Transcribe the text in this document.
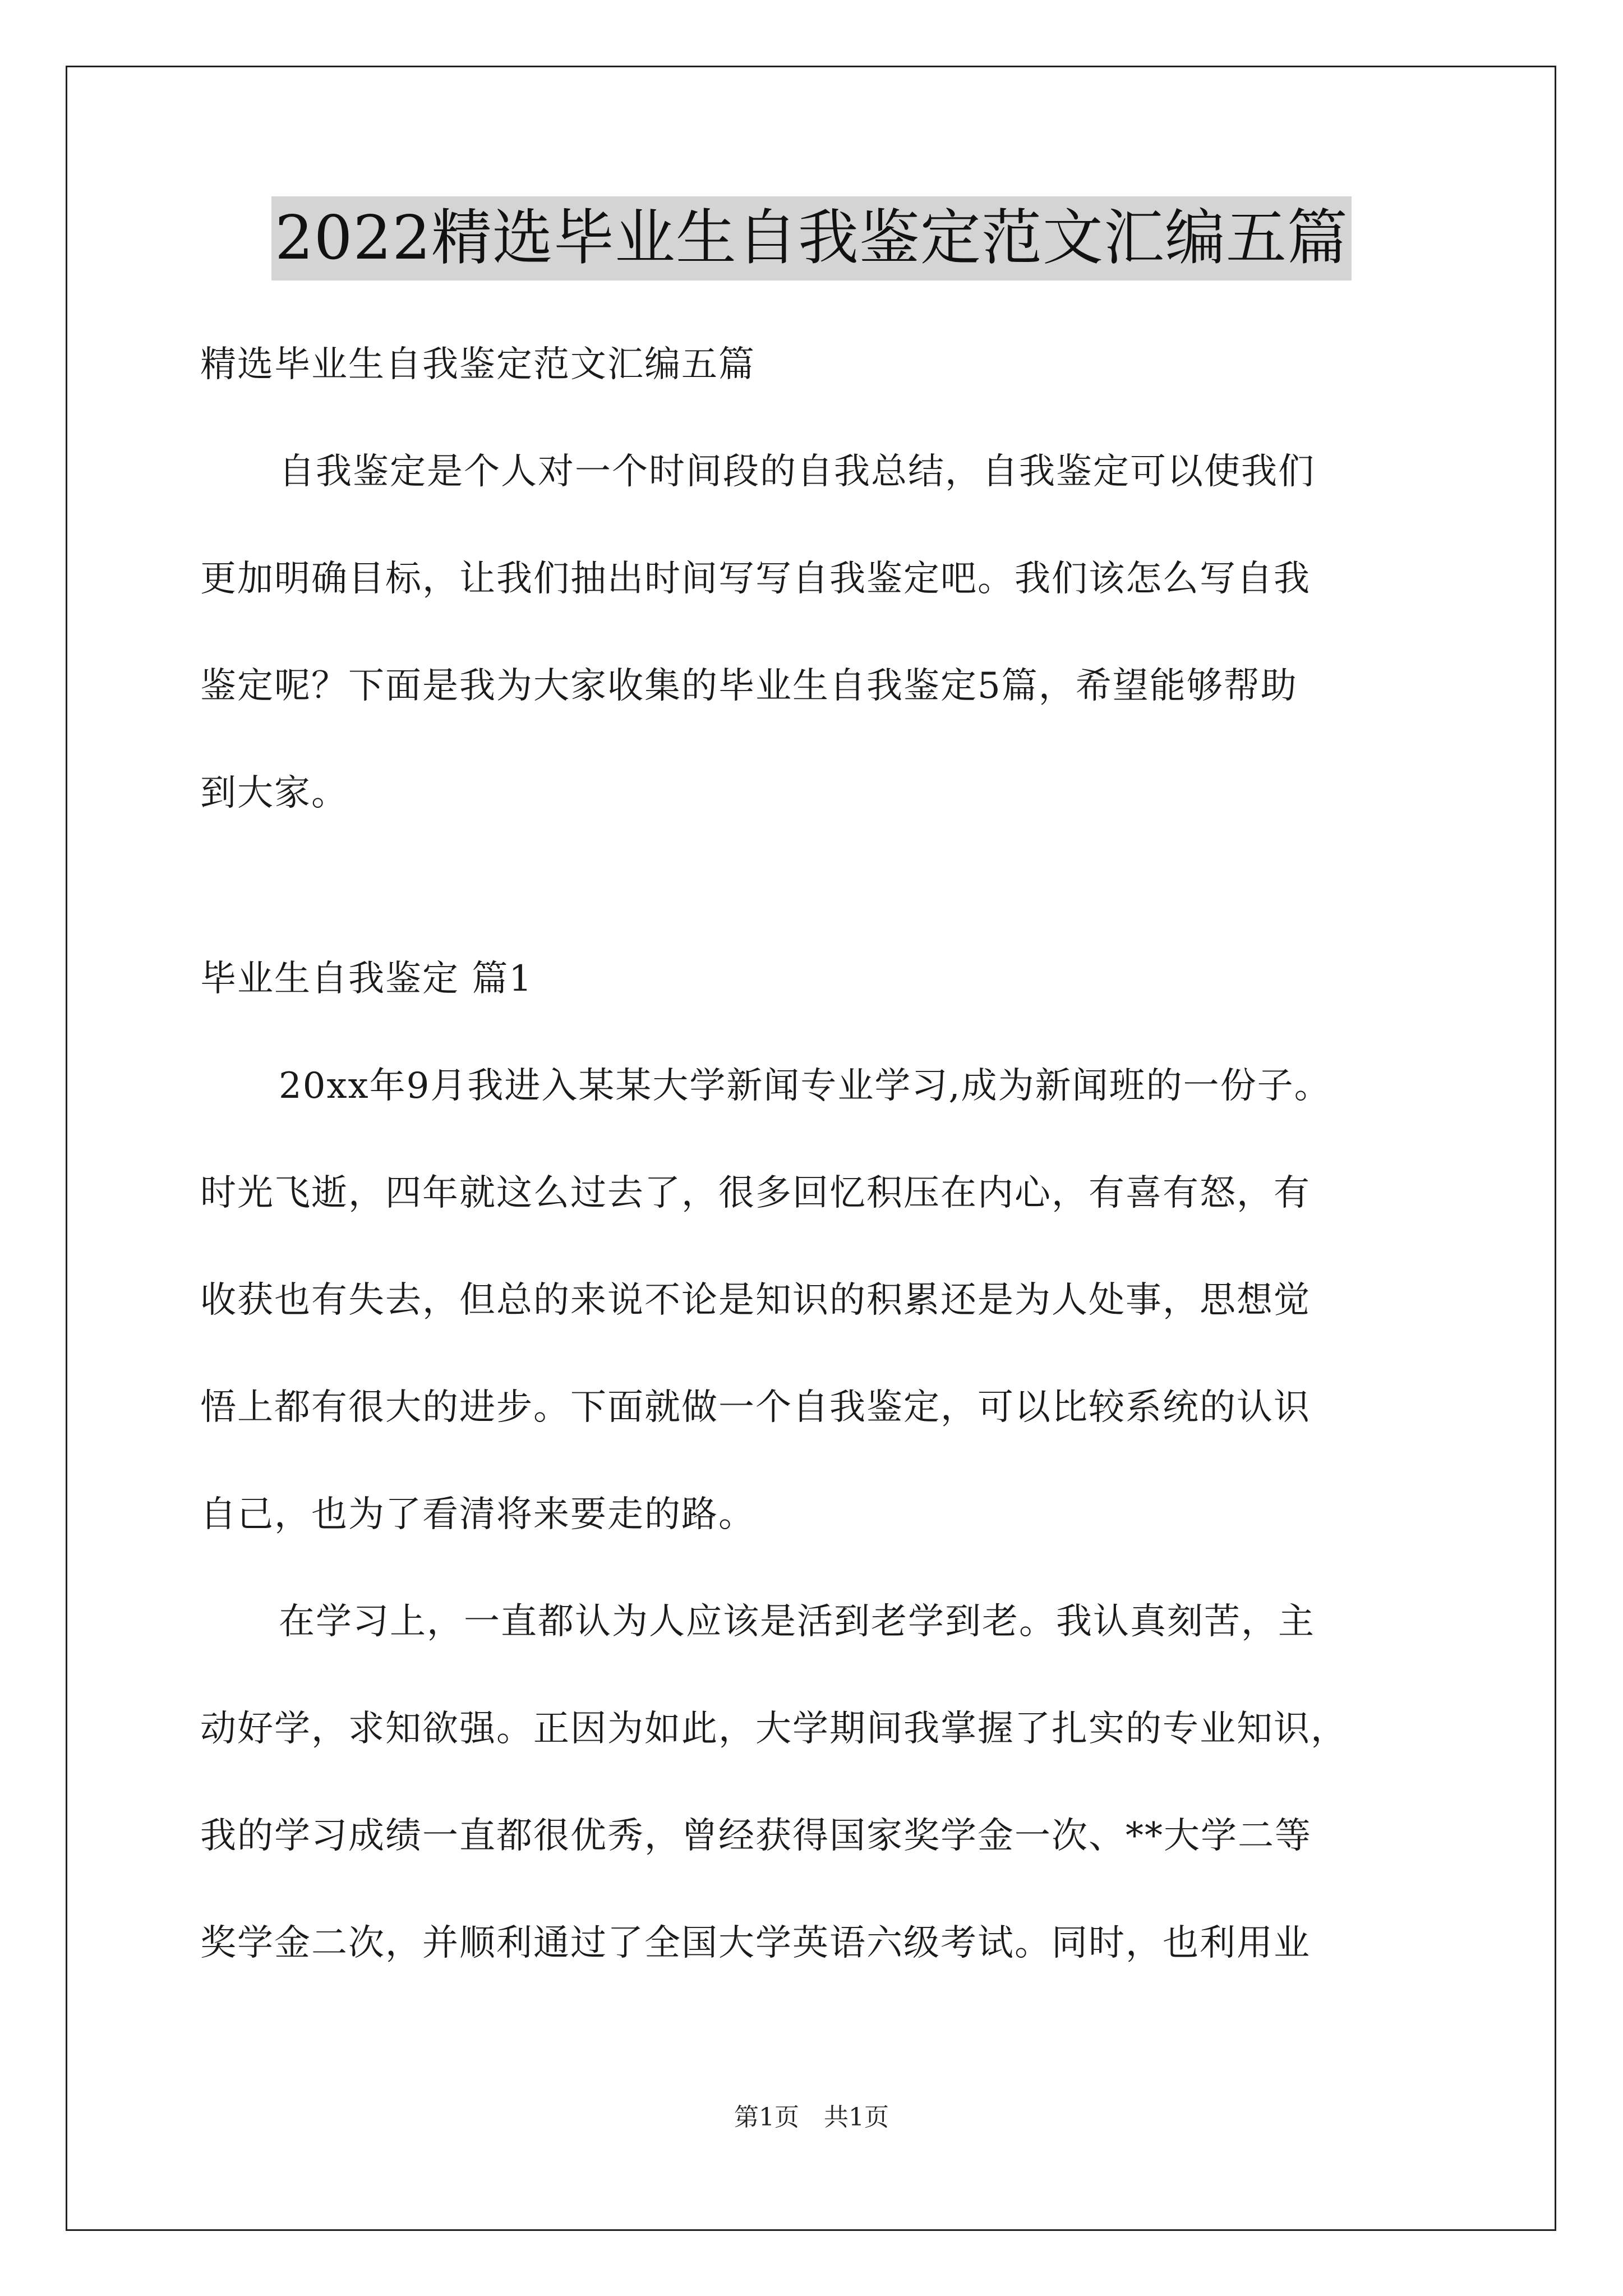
2022精选毕业生自我鉴定范文汇编五篇
精选毕业生自我鉴定范文汇编五篇
自我鉴定是个人对一个时间段的自我总结，自我鉴定可以使我们
更加明确目标，让我们抽出时间写写自我鉴定吧。我们该怎么写自我
鉴定呢？下面是我为大家收集的毕业生自我鉴定5篇，希望能够帮助
到大家。
毕业生自我鉴定 篇1
20xx年9月我进入某某大学新闻专业学习,成为新闻班的一份子。
时光飞逝，四年就这么过去了，很多回忆积压在内心，有喜有怒，有
收获也有失去，但总的来说不论是知识的积累还是为人处事，思想觉
悟上都有很大的进步。下面就做一个自我鉴定，可以比较系统的认识
自己，也为了看清将来要走的路。
在学习上，一直都认为人应该是活到老学到老。我认真刻苦，主
动好学，求知欲强。正因为如此，大学期间我掌握了扎实的专业知识，
我的学习成绩一直都很优秀，曾经获得国家奖学金一次、**大学二等
奖学金二次，并顺利通过了全国大学英语六级考试。同时，也利用业
第1页　共1页
